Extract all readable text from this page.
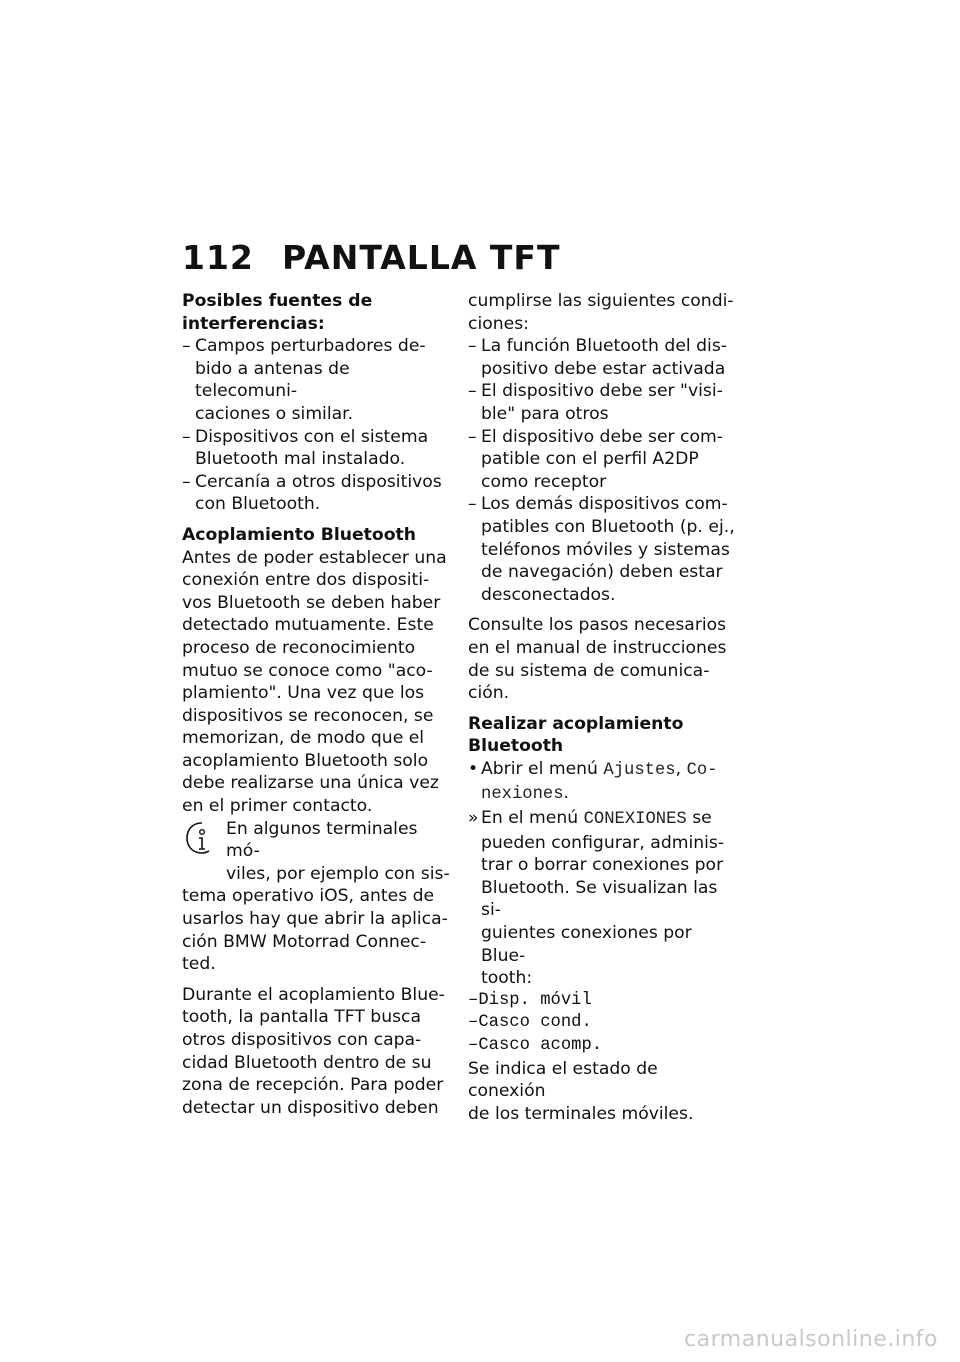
112 PANTALLA TFT

Posibles fuentes de

interferencias:

– Campos perturbadores de-
bido a antenas de telecomuni-
caciones o similar.
– Dispositivos con el sistema
Bluetooth mal instalado.
– Cercanía a otros dispositivos
con Bluetooth.

Acoplamiento Bluetooth

Antes de poder establecer una
conexión entre dos dispositi-
vos Bluetooth se deben haber
detectado mutuamente. Este
proceso de reconocimiento
mutuo se conoce como "aco-
plamiento". Una vez que los
dispositivos se reconocen, se
memorizan, de modo que el
acoplamiento Bluetooth solo
debe realizarse una única vez
en el primer contacto.
En algunos terminales mó-
viles, por ejemplo con sis-
tema operativo iOS, antes de
usarlos hay que abrir la aplica-
ción BMW Motorrad Connec-
ted.
Durante el acoplamiento Blue-
tooth, la pantalla TFT busca
otros dispositivos con capa-
cidad Bluetooth dentro de su
zona de recepción. Para poder
detectar un dispositivo deben
cumplirse las siguientes condi-
ciones:
– La función Bluetooth del dis-
positivo debe estar activada
– El dispositivo debe ser "visi-
ble" para otros
– El dispositivo debe ser com-
patible con el perfil A2DP
como receptor
– Los demás dispositivos com-
patibles con Bluetooth (p. ej.,
teléfonos móviles y sistemas
de navegación) deben estar
desconectados.
Consulte los pasos necesarios
en el manual de instrucciones
de su sistema de comunica-
ción.

Realizar acoplamiento

Bluetooth

• Abrir el menú Ajustes, Co-
nexiones.
» En el menú CONEXIONES se
pueden configurar, adminis-
trar o borrar conexiones por
Bluetooth. Se visualizan las si-
guientes conexiones por Blue-
tooth:
–Disp. móvil
–Casco cond.
–Casco acomp.
Se indica el estado de conexión
de los terminales móviles.
carmanualsonline.info
